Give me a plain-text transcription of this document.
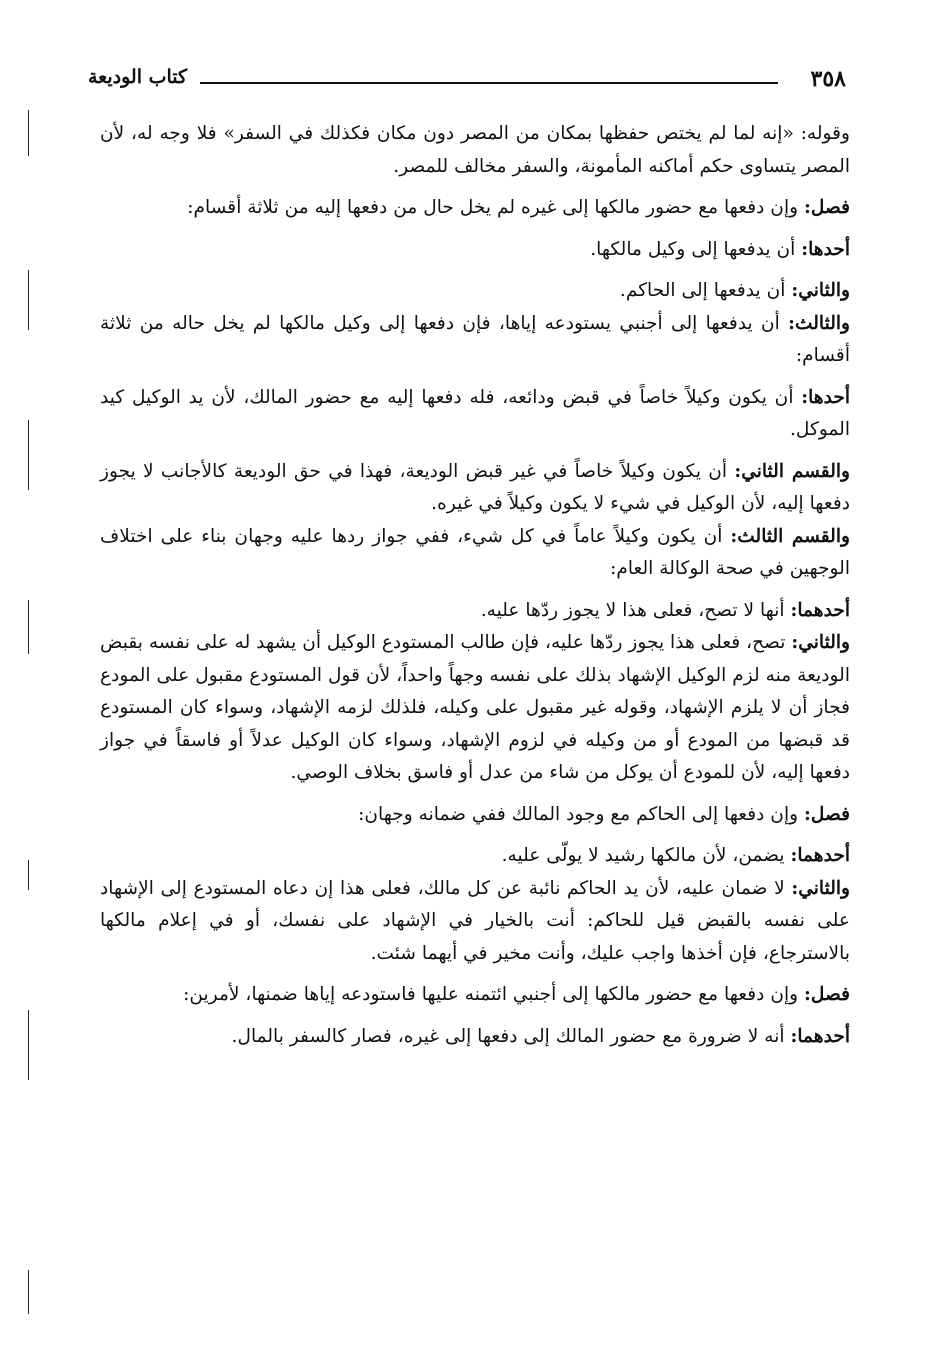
٣٥٨
كتاب الوديعة

وقوله: «إنه لما لم يختص حفظها بمكان من المصر دون مكان فكذلك في السفر» فلا وجه له، لأن المصر يتساوى حكم أماكنه المأمونة، والسفر مخالف للمصر.

فصل: وإن دفعها مع حضور مالكها إلى غيره لم يخل حال من دفعها إليه من ثلاثة أقسام:

أحدها: أن يدفعها إلى وكيل مالكها.

والثاني: أن يدفعها إلى الحاكم.

والثالث: أن يدفعها إلى أجنبي يستودعه إياها، فإن دفعها إلى وكيل مالكها لم يخل حاله من ثلاثة أقسام:

أحدها: أن يكون وكيلاً خاصاً في قبض ودائعه، فله دفعها إليه مع حضور المالك، لأن يد الوكيل كيد الموكل.

والقسم الثاني: أن يكون وكيلاً خاصاً في غير قبض الوديعة، فهذا في حق الوديعة كالأجانب لا يجوز دفعها إليه، لأن الوكيل في شيء لا يكون وكيلاً في غيره.

والقسم الثالث: أن يكون وكيلاً عاماً في كل شيء، ففي جواز ردها عليه وجهان بناء على اختلاف الوجهين في صحة الوكالة العام:

أحدهما: أنها لا تصح، فعلى هذا لا يجوز ردّها عليه.

والثاني: تصح، فعلى هذا يجوز ردّها عليه، فإن طالب المستودع الوكيل أن يشهد له على نفسه بقبض الوديعة منه لزم الوكيل الإشهاد بذلك على نفسه وجهاً واحداً، لأن قول المستودع مقبول على المودع فجاز أن لا يلزم الإشهاد، وقوله غير مقبول على وكيله، فلذلك لزمه الإشهاد، وسواء كان المستودع قد قبضها من المودع أو من وكيله في لزوم الإشهاد، وسواء كان الوكيل عدلاً أو فاسقاً في جواز دفعها إليه، لأن للمودع أن يوكل من شاء من عدل أو فاسق بخلاف الوصي.

فصل: وإن دفعها إلى الحاكم مع وجود المالك ففي ضمانه وجهان:

أحدهما: يضمن، لأن مالكها رشيد لا يولّى عليه.

والثاني: لا ضمان عليه، لأن يد الحاكم نائبة عن كل مالك، فعلى هذا إن دعاه المستودع إلى الإشهاد على نفسه بالقبض قيل للحاكم: أنت بالخيار في الإشهاد على نفسك، أو في إعلام مالكها بالاسترجاع، فإن أخذها واجب عليك، وأنت مخير في أيهما شئت.

فصل: وإن دفعها مع حضور مالكها إلى أجنبي ائتمنه عليها فاستودعه إياها ضمنها، لأمرين:

أحدهما: أنه لا ضرورة مع حضور المالك إلى دفعها إلى غيره، فصار كالسفر بالمال.
